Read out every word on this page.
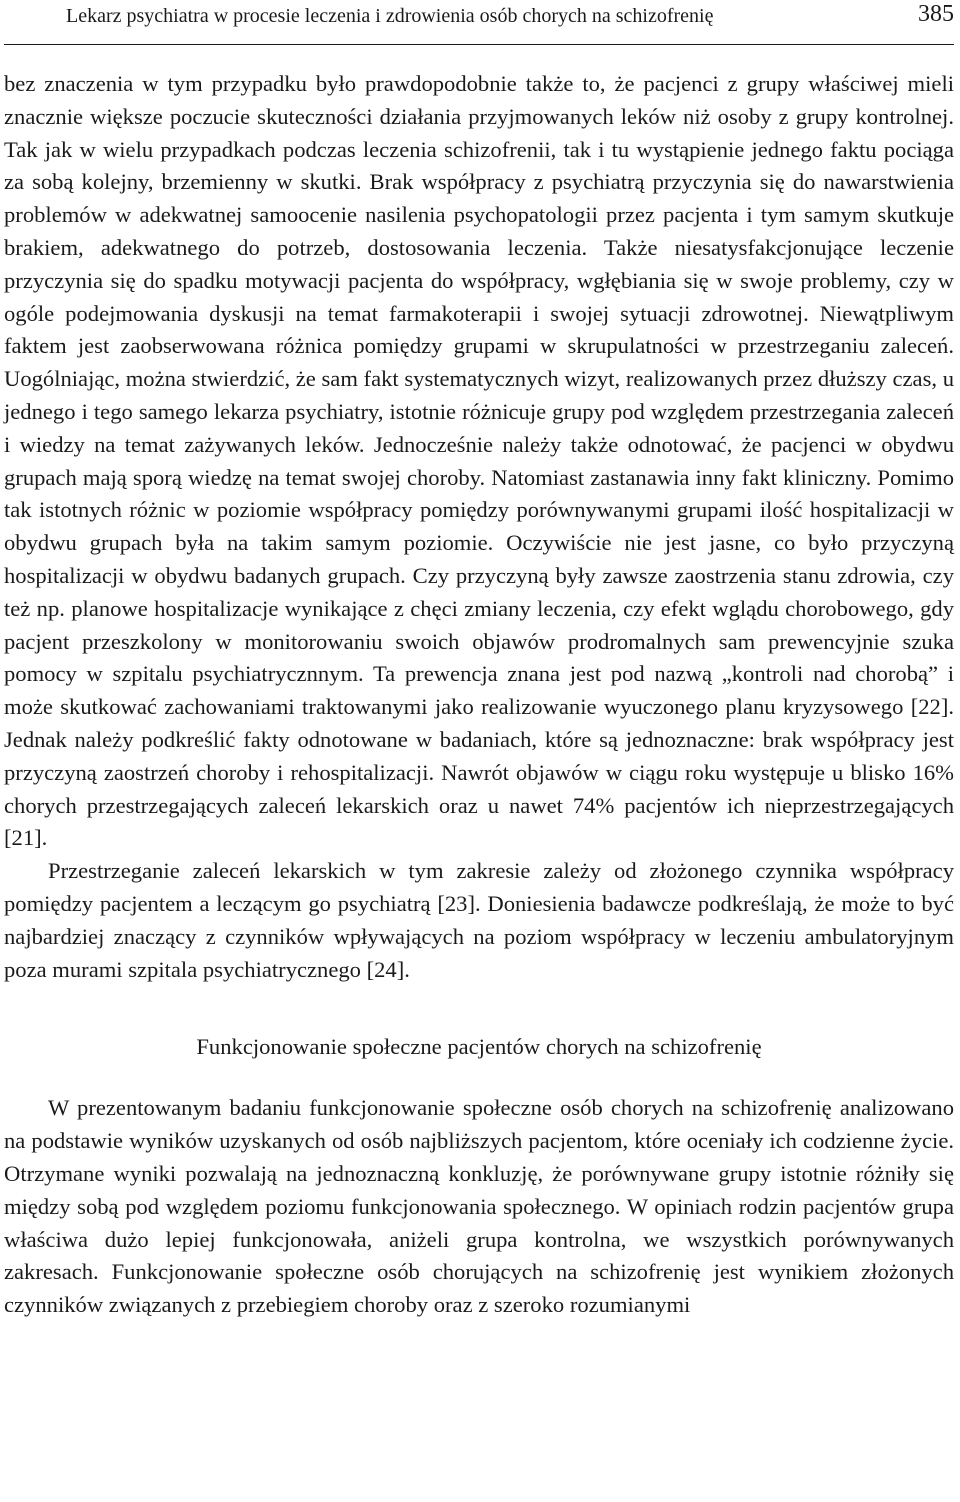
Lekarz psychiatra w procesie leczenia i zdrowienia osób chorych na schizofrenię	385

bez znaczenia w tym przypadku było prawdopodobnie także to, że pacjenci z grupy właściwej mieli znacznie większe poczucie skuteczności działania przyjmowanych leków niż osoby z grupy kontrolnej. Tak jak w wielu przypadkach podczas leczenia schizofrenii, tak i tu wystąpienie jednego faktu pociąga za sobą kolejny, brzemienny w skutki. Brak współpracy z psychiatrą przyczynia się do nawarstwienia problemów w adekwatnej samoocenie nasilenia psychopatologii przez pacjenta i tym samym skutkuje brakiem, adekwatnego do potrzeb, dostosowania leczenia. Także niesatysfakcjonujące leczenie przyczynia się do spadku motywacji pacjenta do współpracy, wgłębiania się w swoje problemy, czy w ogóle podejmowania dyskusji na temat farmakoterapii i swojej sytuacji zdrowotnej. Niewątpliwym faktem jest zaobserwowana różnica pomiędzy grupami w skrupulatności w przestrzeganiu zaleceń. Uogólniając, można stwierdzić, że sam fakt systematycznych wizyt, realizowanych przez dłuższy czas, u jednego i tego samego lekarza psychiatry, istotnie różnicuje grupy pod względem przestrzegania zaleceń i wiedzy na temat zażywanych leków. Jednocześnie należy także odnotować, że pacjenci w obydwu grupach mają sporą wiedzę na temat swojej choroby. Natomiast zastanawia inny fakt kliniczny. Pomimo tak istotnych różnic w poziomie współpracy pomiędzy porównywanymi grupami ilość hospitalizacji w obydwu grupach była na takim samym poziomie. Oczywiście nie jest jasne, co było przyczyną hospitalizacji w obydwu badanych grupach. Czy przyczyną były zawsze zaostrzenia stanu zdrowia, czy też np. planowe hospitalizacje wynikające z chęci zmiany leczenia, czy efekt wglądu chorobowego, gdy pacjent przeszkolony w monitorowaniu swoich objawów prodromalnych sam prewencyjnie szuka pomocy w szpitalu psychiatrycznnym. Ta prewencja znana jest pod nazwą „kontroli nad chorobą” i może skutkować zachowaniami traktowanymi jako realizowanie wyuczonego planu kryzysowego [22]. Jednak należy podkreślić fakty odnotowane w badaniach, które są jednoznaczne: brak współpracy jest przyczyną zaostrzeń choroby i rehospitalizacji. Nawrót objawów w ciągu roku występuje u blisko 16% chorych przestrzegających zaleceń lekarskich oraz u nawet 74% pacjentów ich nieprzestrzegających [21].

Przestrzeganie zaleceń lekarskich w tym zakresie zależy od złożonego czynnika współpracy pomiędzy pacjentem a leczącym go psychiatrą [23]. Doniesienia badawcze podkreślają, że może to być najbardziej znaczący z czynników wpływających na poziom współpracy w leczeniu ambulatoryjnym poza murami szpitala psychiatrycznego [24].

Funkcjonowanie społeczne pacjentów chorych na schizofrenię

W prezentowanym badaniu funkcjonowanie społeczne osób chorych na schizofrenię analizowano na podstawie wyników uzyskanych od osób najbliższych pacjentom, które oceniały ich codzienne życie. Otrzymane wyniki pozwalają na jednoznaczną konkluzję, że porównywane grupy istotnie różniły się między sobą pod względem poziomu funkcjonowania społecznego. W opiniach rodzin pacjentów grupa właściwa dużo lepiej funkcjonowała, aniżeli grupa kontrolna, we wszystkich porównywanych zakresach. Funkcjonowanie społeczne osób chorujących na schizofrenię jest wynikiem złożonych czynników związanych z przebiegiem choroby oraz z szeroko rozumianymi
